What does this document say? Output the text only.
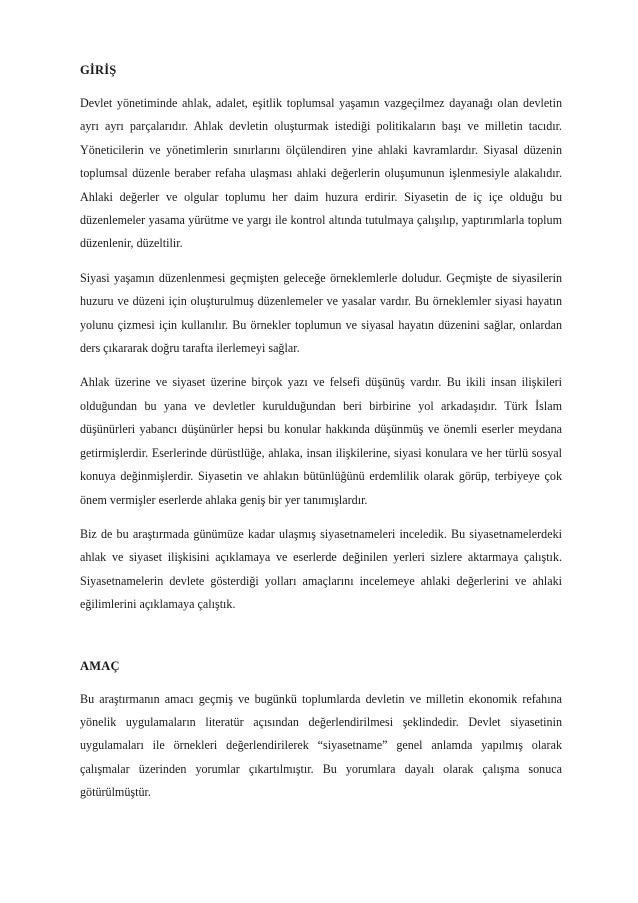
GİRİŞ

Devlet yönetiminde ahlak, adalet, eşitlik toplumsal yaşamın vazgeçilmez dayanağı olan devletin ayrı ayrı parçalarıdır. Ahlak devletin oluşturmak istediği politikaların başı ve milletin tacıdır. Yöneticilerin ve yönetimlerin sınırlarını ölçülendiren yine ahlaki kavramlardır. Siyasal düzenin toplumsal düzenle beraber refaha ulaşması ahlaki değerlerin oluşumunun işlenmesiyle alakalıdır. Ahlaki değerler ve olgular toplumu her daim huzura erdirir. Siyasetin de iç içe olduğu bu düzenlemeler yasama yürütme ve yargı ile kontrol altında tutulmaya çalışılıp, yaptırımlarla toplum düzenlenir, düzeltilir.

Siyasi yaşamın düzenlenmesi geçmişten geleceğe örneklemlerle doludur. Geçmişte de siyasilerin huzuru ve düzeni için oluşturulmuş düzenlemeler ve yasalar vardır. Bu örneklemler siyasi hayatın yolunu çizmesi için kullanılır. Bu örnekler toplumun ve siyasal hayatın düzenini sağlar, onlardan ders çıkararak doğru tarafta ilerlemeyi sağlar.

Ahlak üzerine ve siyaset üzerine birçok yazı ve felsefi düşünüş vardır. Bu ikili insan ilişkileri olduğundan bu yana ve devletler kurulduğundan beri birbirine yol arkadaşıdır. Türk İslam düşünürleri yabancı düşünürler hepsi bu konular hakkında düşünmüş ve önemli eserler meydana getirmişlerdir. Eserlerinde dürüstlüğe, ahlaka, insan ilişkilerine, siyasi konulara ve her türlü sosyal konuya değinmişlerdir. Siyasetin ve ahlakın bütünlüğünü erdemlilik olarak görüp, terbiyeye çok önem vermişler eserlerde ahlaka geniş bir yer tanımışlardır.

Biz de bu araştırmada günümüze kadar ulaşmış siyasetnameleri inceledik. Bu siyasetnamelerdeki ahlak ve siyaset ilişkisini açıklamaya ve eserlerde değinilen yerleri sizlere aktarmaya çalıştık. Siyasetnamelerin devlete gösterdiği yolları amaçlarını incelemeye ahlaki değerlerini ve ahlaki eğilimlerini açıklamaya çalıştık.

AMAÇ

Bu araştırmanın amacı geçmiş ve bugünkü toplumlarda devletin ve milletin ekonomik refahına yönelik uygulamaların literatür açısından değerlendirilmesi şeklindedir. Devlet siyasetinin uygulamaları ile örnekleri değerlendirilerek “siyasetname” genel anlamda yapılmış olarak çalışmalar üzerinden yorumlar çıkartılmıştır. Bu yorumlara dayalı olarak çalışma sonuca götürülmüştür.
